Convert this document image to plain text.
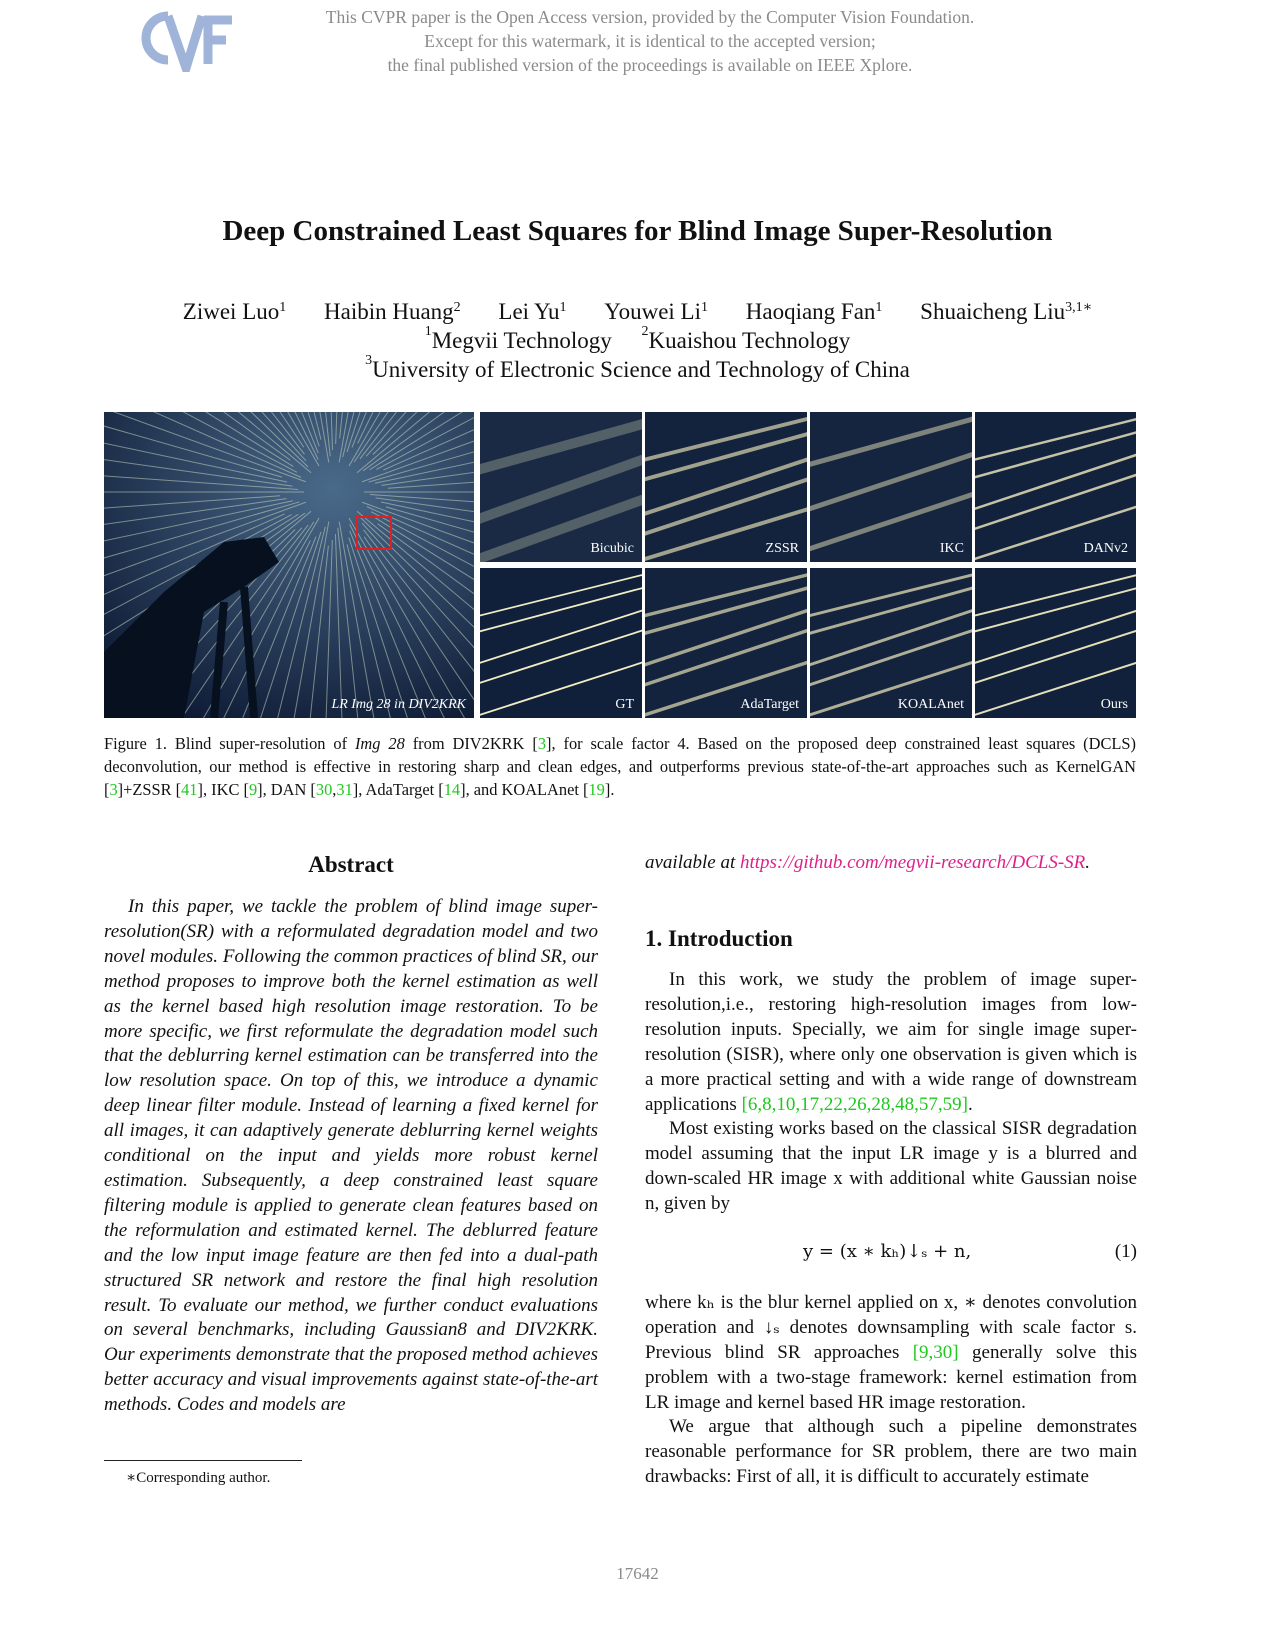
This CVPR paper is the Open Access version, provided by the Computer Vision Foundation.
Except for this watermark, it is identical to the accepted version;
the final published version of the proceedings is available on IEEE Xplore.
Deep Constrained Least Squares for Blind Image Super-Resolution
Ziwei Luo$^1$ Haibin Huang$^2$ Lei Yu$^1$ Youwei Li$^1$ Haoqiang Fan$^1$ Shuaicheng Liu$^{3,1∗}$
$^1$Megvii Technology $^2$Kuaishou Technology
$^3$University of Electronic Science and Technology of China
LR Img 28 in DIV2KRK
Bicubic	ZSSR	IKC	DANv2
GT	AdaTarget	KOALAnet	Ours
Figure 1. Blind super-resolution of Img 28 from DIV2KRK [3], for scale factor 4. Based on the proposed deep constrained least squares (DCLS) deconvolution, our method is effective in restoring sharp and clean edges, and outperforms previous state-of-the-art approaches such as KernelGAN [3]+ZSSR [41], IKC [9], DAN [30,31], AdaTarget [14], and KOALAnet [19].
Abstract
In this paper, we tackle the problem of blind image super-resolution(SR) with a reformulated degradation model and two novel modules. Following the common practices of blind SR, our method proposes to improve both the kernel estimation as well as the kernel based high resolution image restoration. To be more specific, we first reformulate the degradation model such that the deblurring kernel estimation can be transferred into the low resolution space. On top of this, we introduce a dynamic deep linear filter module. Instead of learning a fixed kernel for all images, it can adaptively generate deblurring kernel weights conditional on the input and yields more robust kernel estimation. Subsequently, a deep constrained least square filtering module is applied to generate clean features based on the reformulation and estimated kernel. The deblurred feature and the low input image feature are then fed into a dual-path structured SR network and restore the final high resolution result. To evaluate our method, we further conduct evaluations on several benchmarks, including Gaussian8 and DIV2KRK. Our experiments demonstrate that the proposed method achieves better accuracy and visual improvements against state-of-the-art methods. Codes and models are
∗Corresponding author.
available at https://github.com/megvii-research/DCLS-SR.
1. Introduction
In this work, we study the problem of image super-resolution,i.e., restoring high-resolution images from low-resolution inputs. Specially, we aim for single image super-resolution (SISR), where only one observation is given which is a more practical setting and with a wide range of downstream applications [6,8,10,17,22,26,28,48,57,59].
Most existing works based on the classical SISR degradation model assuming that the input LR image y is a blurred and down-scaled HR image x with additional white Gaussian noise n, given by
y = (x ∗ kₕ)↓ₛ + n,	(1)
where kₕ is the blur kernel applied on x, ∗ denotes convolution operation and ↓ₛ denotes downsampling with scale factor s. Previous blind SR approaches [9,30] generally solve this problem with a two-stage framework: kernel estimation from LR image and kernel based HR image restoration.
We argue that although such a pipeline demonstrates reasonable performance for SR problem, there are two main drawbacks: First of all, it is difficult to accurately estimate
17642
